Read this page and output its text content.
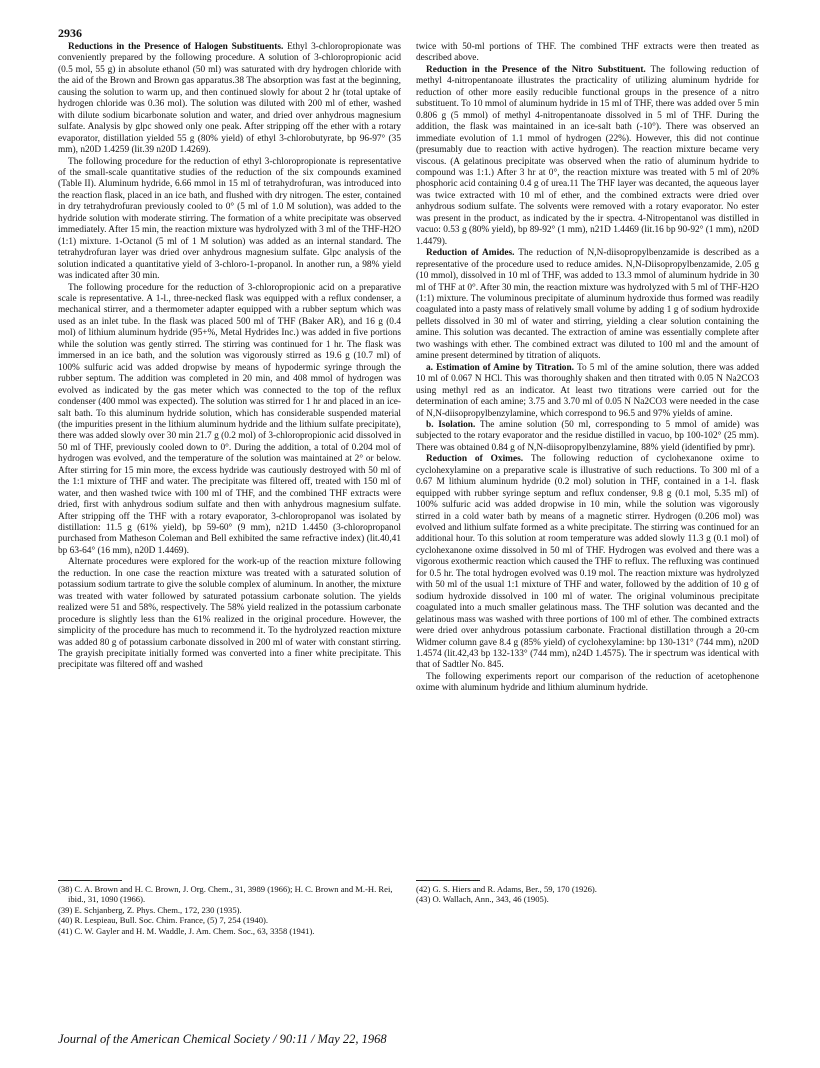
2936

Reductions in the Presence of Halogen Substituents. Ethyl 3-chloropropionate was conveniently prepared by the following procedure. A solution of 3-chloropropionic acid (0.5 mol, 55 g) in absolute ethanol (50 ml) was saturated with dry hydrogen chloride with the aid of the Brown and Brown gas apparatus.38 The absorption was fast at the beginning, causing the solution to warm up, and then continued slowly for about 2 hr (total uptake of hydrogen chloride was 0.36 mol). The solution was diluted with 200 ml of ether, washed with dilute sodium bicarbonate solution and water, and dried over anhydrous magnesium sulfate. Analysis by glpc showed only one peak. After stripping off the ether with a rotary evaporator, distillation yielded 55 g (80% yield) of ethyl 3-chlorobutyrate, bp 96-97° (35 mm), n20D 1.4259 (lit.39 n20D 1.4269).

The following procedure for the reduction of ethyl 3-chloropropionate is representative of the small-scale quantitative studies of the reduction of the six compounds examined (Table II). Aluminum hydride, 6.66 mmol in 15 ml of tetrahydrofuran, was introduced into the reaction flask, placed in an ice bath, and flushed with dry nitrogen. The ester, contained in dry tetrahydrofuran previously cooled to 0° (5 ml of 1.0 M solution), was added to the hydride solution with moderate stirring. The formation of a white precipitate was observed immediately. After 15 min, the reaction mixture was hydrolyzed with 3 ml of the THF-H2O (1:1) mixture. 1-Octanol (5 ml of 1 M solution) was added as an internal standard. The tetrahydrofuran layer was dried over anhydrous magnesium sulfate. Glpc analysis of the solution indicated a quantitative yield of 3-chloro-1-propanol. In another run, a 98% yield was indicated after 30 min.

The following procedure for the reduction of 3-chloropropionic acid on a preparative scale is representative. A 1-l., three-necked flask was equipped with a reflux condenser, a mechanical stirrer, and a thermometer adapter equipped with a rubber septum which was used as an inlet tube. In the flask was placed 500 ml of THF (Baker AR), and 16 g (0.4 mol) of lithium aluminum hydride (95+%, Metal Hydrides Inc.) was added in five portions while the solution was gently stirred. The stirring was continued for 1 hr. The flask was immersed in an ice bath, and the solution was vigorously stirred as 19.6 g (10.7 ml) of 100% sulfuric acid was added dropwise by means of hypodermic syringe through the rubber septum. The addition was completed in 20 min, and 408 mmol of hydrogen was evolved as indicated by the gas meter which was connected to the top of the reflux condenser (400 mmol was expected). The solution was stirred for 1 hr and placed in an ice-salt bath. To this aluminum hydride solution, which has considerable suspended material (the impurities present in the lithium aluminum hydride and the lithium sulfate precipitate), there was added slowly over 30 min 21.7 g (0.2 mol) of 3-chloropropionic acid dissolved in 50 ml of THF, previously cooled down to 0°. During the addition, a total of 0.204 mol of hydrogen was evolved, and the temperature of the solution was maintained at 2° or below. After stirring for 15 min more, the excess hydride was cautiously destroyed with 50 ml of the 1:1 mixture of THF and water. The precipitate was filtered off, treated with 150 ml of water, and then washed twice with 100 ml of THF, and the combined THF extracts were dried, first with anhydrous sodium sulfate and then with anhydrous magnesium sulfate. After stripping off the THF with a rotary evaporator, 3-chloropropanol was isolated by distillation: 11.5 g (61% yield), bp 59-60° (9 mm), n21D 1.4450 (3-chloropropanol purchased from Matheson Coleman and Bell exhibited the same refractive index) (lit.40,41 bp 63-64° (16 mm), n20D 1.4469).

Alternate procedures were explored for the work-up of the reaction mixture following the reduction. In one case the reaction mixture was treated with a saturated solution of potassium sodium tartrate to give the soluble complex of aluminum. In another, the mixture was treated with water followed by saturated potassium carbonate solution. The yields realized were 51 and 58%, respectively. The 58% yield realized in the potassium carbonate procedure is slightly less than the 61% realized in the original procedure. However, the simplicity of the procedure has much to recommend it. To the hydrolyzed reaction mixture was added 80 g of potassium carbonate dissolved in 200 ml of water with constant stirring. The grayish precipitate initially formed was converted into a finer white precipitate. This precipitate was filtered off and washed

twice with 50-ml portions of THF. The combined THF extracts were then treated as described above.

Reduction in the Presence of the Nitro Substituent. The following reduction of methyl 4-nitropentanoate illustrates the practicality of utilizing aluminum hydride for reduction of other more easily reducible functional groups in the presence of a nitro substituent. To 10 mmol of aluminum hydride in 15 ml of THF, there was added over 5 min 0.806 g (5 mmol) of methyl 4-nitropentanoate dissolved in 5 ml of THF. During the addition, the flask was maintained in an ice-salt bath (-10°). There was observed an immediate evolution of 1.1 mmol of hydrogen (22%). However, this did not continue (presumably due to reaction with active hydrogen). The reaction mixture became very viscous. (A gelatinous precipitate was observed when the ratio of aluminum hydride to compound was 1:1.) After 3 hr at 0°, the reaction mixture was treated with 5 ml of 20% phosphoric acid containing 0.4 g of urea.11 The THF layer was decanted, the aqueous layer was twice extracted with 10 ml of ether, and the combined extracts were dried over anhydrous sodium sulfate. The solvents were removed with a rotary evaporator. No ester was present in the product, as indicated by the ir spectra. 4-Nitropentanol was distilled in vacuo: 0.53 g (80% yield), bp 89-92° (1 mm), n21D 1.4469 (lit.16 bp 90-92° (1 mm), n20D 1.4479).

Reduction of Amides. The reduction of N,N-diisopropylbenzamide is described as a representative of the procedure used to reduce amides. N,N-Diisopropylbenzamide, 2.05 g (10 mmol), dissolved in 10 ml of THF, was added to 13.3 mmol of aluminum hydride in 30 ml of THF at 0°. After 30 min, the reaction mixture was hydrolyzed with 5 ml of THF-H2O (1:1) mixture. The voluminous precipitate of aluminum hydroxide thus formed was readily coagulated into a pasty mass of relatively small volume by adding 1 g of sodium hydroxide pellets dissolved in 30 ml of water and stirring, yielding a clear solution containing the amine. This solution was decanted. The extraction of amine was essentially complete after two washings with ether. The combined extract was diluted to 100 ml and the amount of amine present determined by titration of aliquots.

a. Estimation of Amine by Titration. To 5 ml of the amine solution, there was added 10 ml of 0.067 N HCl. This was thoroughly shaken and then titrated with 0.05 N Na2CO3 using methyl red as an indicator. At least two titrations were carried out for the determination of each amine; 3.75 and 3.70 ml of 0.05 N Na2CO3 were needed in the case of N,N-diisopropylbenzylamine, which correspond to 96.5 and 97% yields of amine.

b. Isolation. The amine solution (50 ml, corresponding to 5 mmol of amide) was subjected to the rotary evaporator and the residue distilled in vacuo, bp 100-102° (25 mm). There was obtained 0.84 g of N,N-diisopropylbenzylamine, 88% yield (identified by pmr).

Reduction of Oximes. The following reduction of cyclohexanone oxime to cyclohexylamine on a preparative scale is illustrative of such reductions. To 300 ml of a 0.67 M lithium aluminum hydride (0.2 mol) solution in THF, contained in a 1-l. flask equipped with rubber syringe septum and reflux condenser, 9.8 g (0.1 mol, 5.35 ml) of 100% sulfuric acid was added dropwise in 10 min, while the solution was vigorously stirred in a cold water bath by means of a magnetic stirrer. Hydrogen (0.206 mol) was evolved and lithium sulfate formed as a white precipitate. The stirring was continued for an additional hour. To this solution at room temperature was added slowly 11.3 g (0.1 mol) of cyclohexanone oxime dissolved in 50 ml of THF. Hydrogen was evolved and there was a vigorous exothermic reaction which caused the THF to reflux. The refluxing was continued for 0.5 hr. The total hydrogen evolved was 0.19 mol. The reaction mixture was hydrolyzed with 50 ml of the usual 1:1 mixture of THF and water, followed by the addition of 10 g of sodium hydroxide dissolved in 100 ml of water. The original voluminous precipitate coagulated into a much smaller gelatinous mass. The THF solution was decanted and the gelatinous mass was washed with three portions of 100 ml of ether. The combined extracts were dried over anhydrous potassium carbonate. Fractional distillation through a 20-cm Widmer column gave 8.4 g (85% yield) of cyclohexylamine: bp 130-131° (744 mm), n20D 1.4574 (lit.42,43 bp 132-133° (744 mm), n24D 1.4575). The ir spectrum was identical with that of Sadtler No. 845.

The following experiments report our comparison of the reduction of acetophenone oxime with aluminum hydride and lithium aluminum hydride.

(38) C. A. Brown and H. C. Brown, J. Org. Chem., 31, 3989 (1966); H. C. Brown and M.-H. Rei, ibid., 31, 1090 (1966).

(39) E. Schjanberg, Z. Phys. Chem., 172, 230 (1935).

(40) R. Lespieau, Bull. Soc. Chim. France, (5) 7, 254 (1940).

(41) C. W. Gayler and H. M. Waddle, J. Am. Chem. Soc., 63, 3358 (1941).

(42) G. S. Hiers and R. Adams, Ber., 59, 170 (1926).

(43) O. Wallach, Ann., 343, 46 (1905).

Journal of the American Chemical Society / 90:11 / May 22, 1968
